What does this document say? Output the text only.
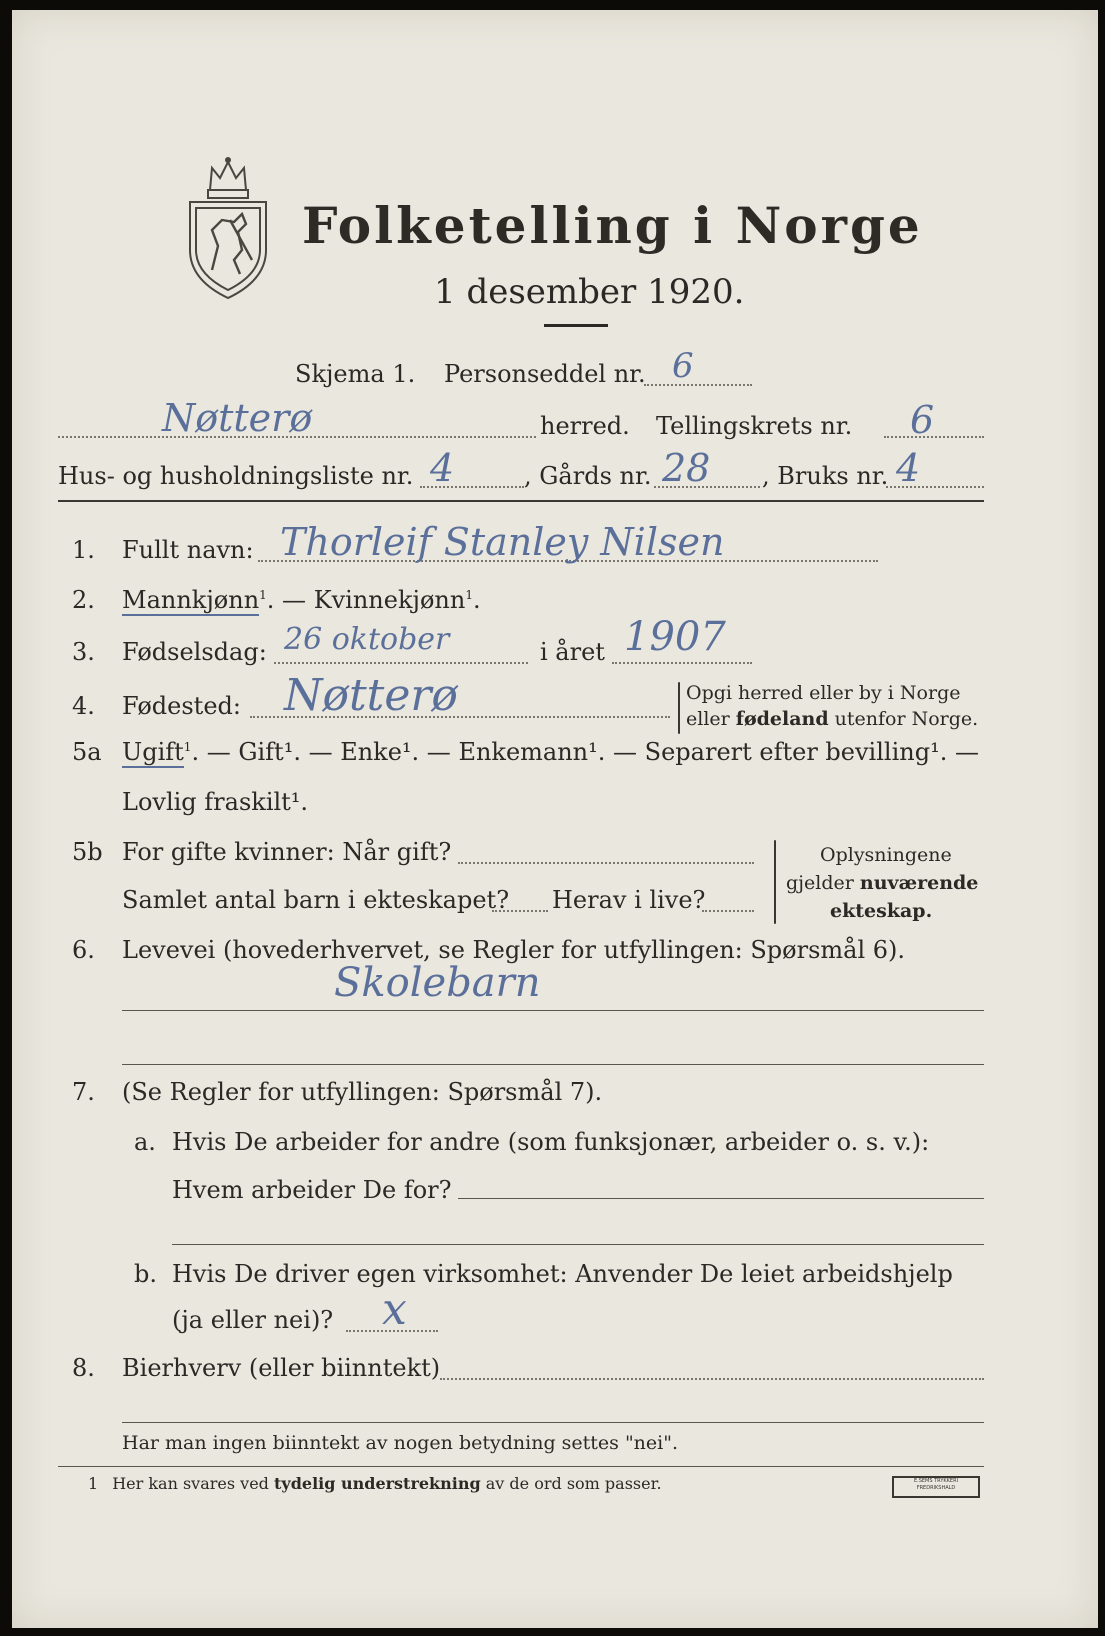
Folketelling i Norge
1 desember 1920.
Skjema 1. Personseddel nr. 6
Nøtterø	herred. Tellingskrets nr. 6
Hus- og husholdningsliste nr. 4	, Gårds nr. 28 , Bruks nr. 4
1. Fullt navn: Thorleif Stanley Nilsen
2. Mannkjønn$^1$. — Kvinnekjønn$^1$.
3. Fødselsdag: 26 oktober	i året 1907
4. Fødested: Nøtterø	Opgi herred eller by i Norge
eller fødeland utenfor Norge.
5a Ugift$^1$. — Gift¹. — Enke¹. — Enkemann¹. — Separert efter bevilling¹. —
Lovlig fraskilt¹.
5b For gifte kvinner: Når gift?
Samlet antal barn i ekteskapet? Herav i live?
Oplysningene
gjelder nuværende
ekteskap.
6. Levevei (hovederhvervet, se Regler for utfyllingen: Spørsmål 6).
Skolebarn
7. (Se Regler for utfyllingen: Spørsmål 7).
a. Hvis De arbeider for andre (som funksjonær, arbeider o. s. v.):
Hvem arbeider De for?
b. Hvis De driver egen virksomhet: Anvender De leiet arbeidshjelp
(ja eller nei)? x
8. Bierhverv (eller biinntekt)
Har man ingen biinntekt av nogen betydning settes "nei".
1 Her kan svares ved tydelig understrekning av de ord som passer.	E.SEMS TRYKKERI FREDRIKSHALD
